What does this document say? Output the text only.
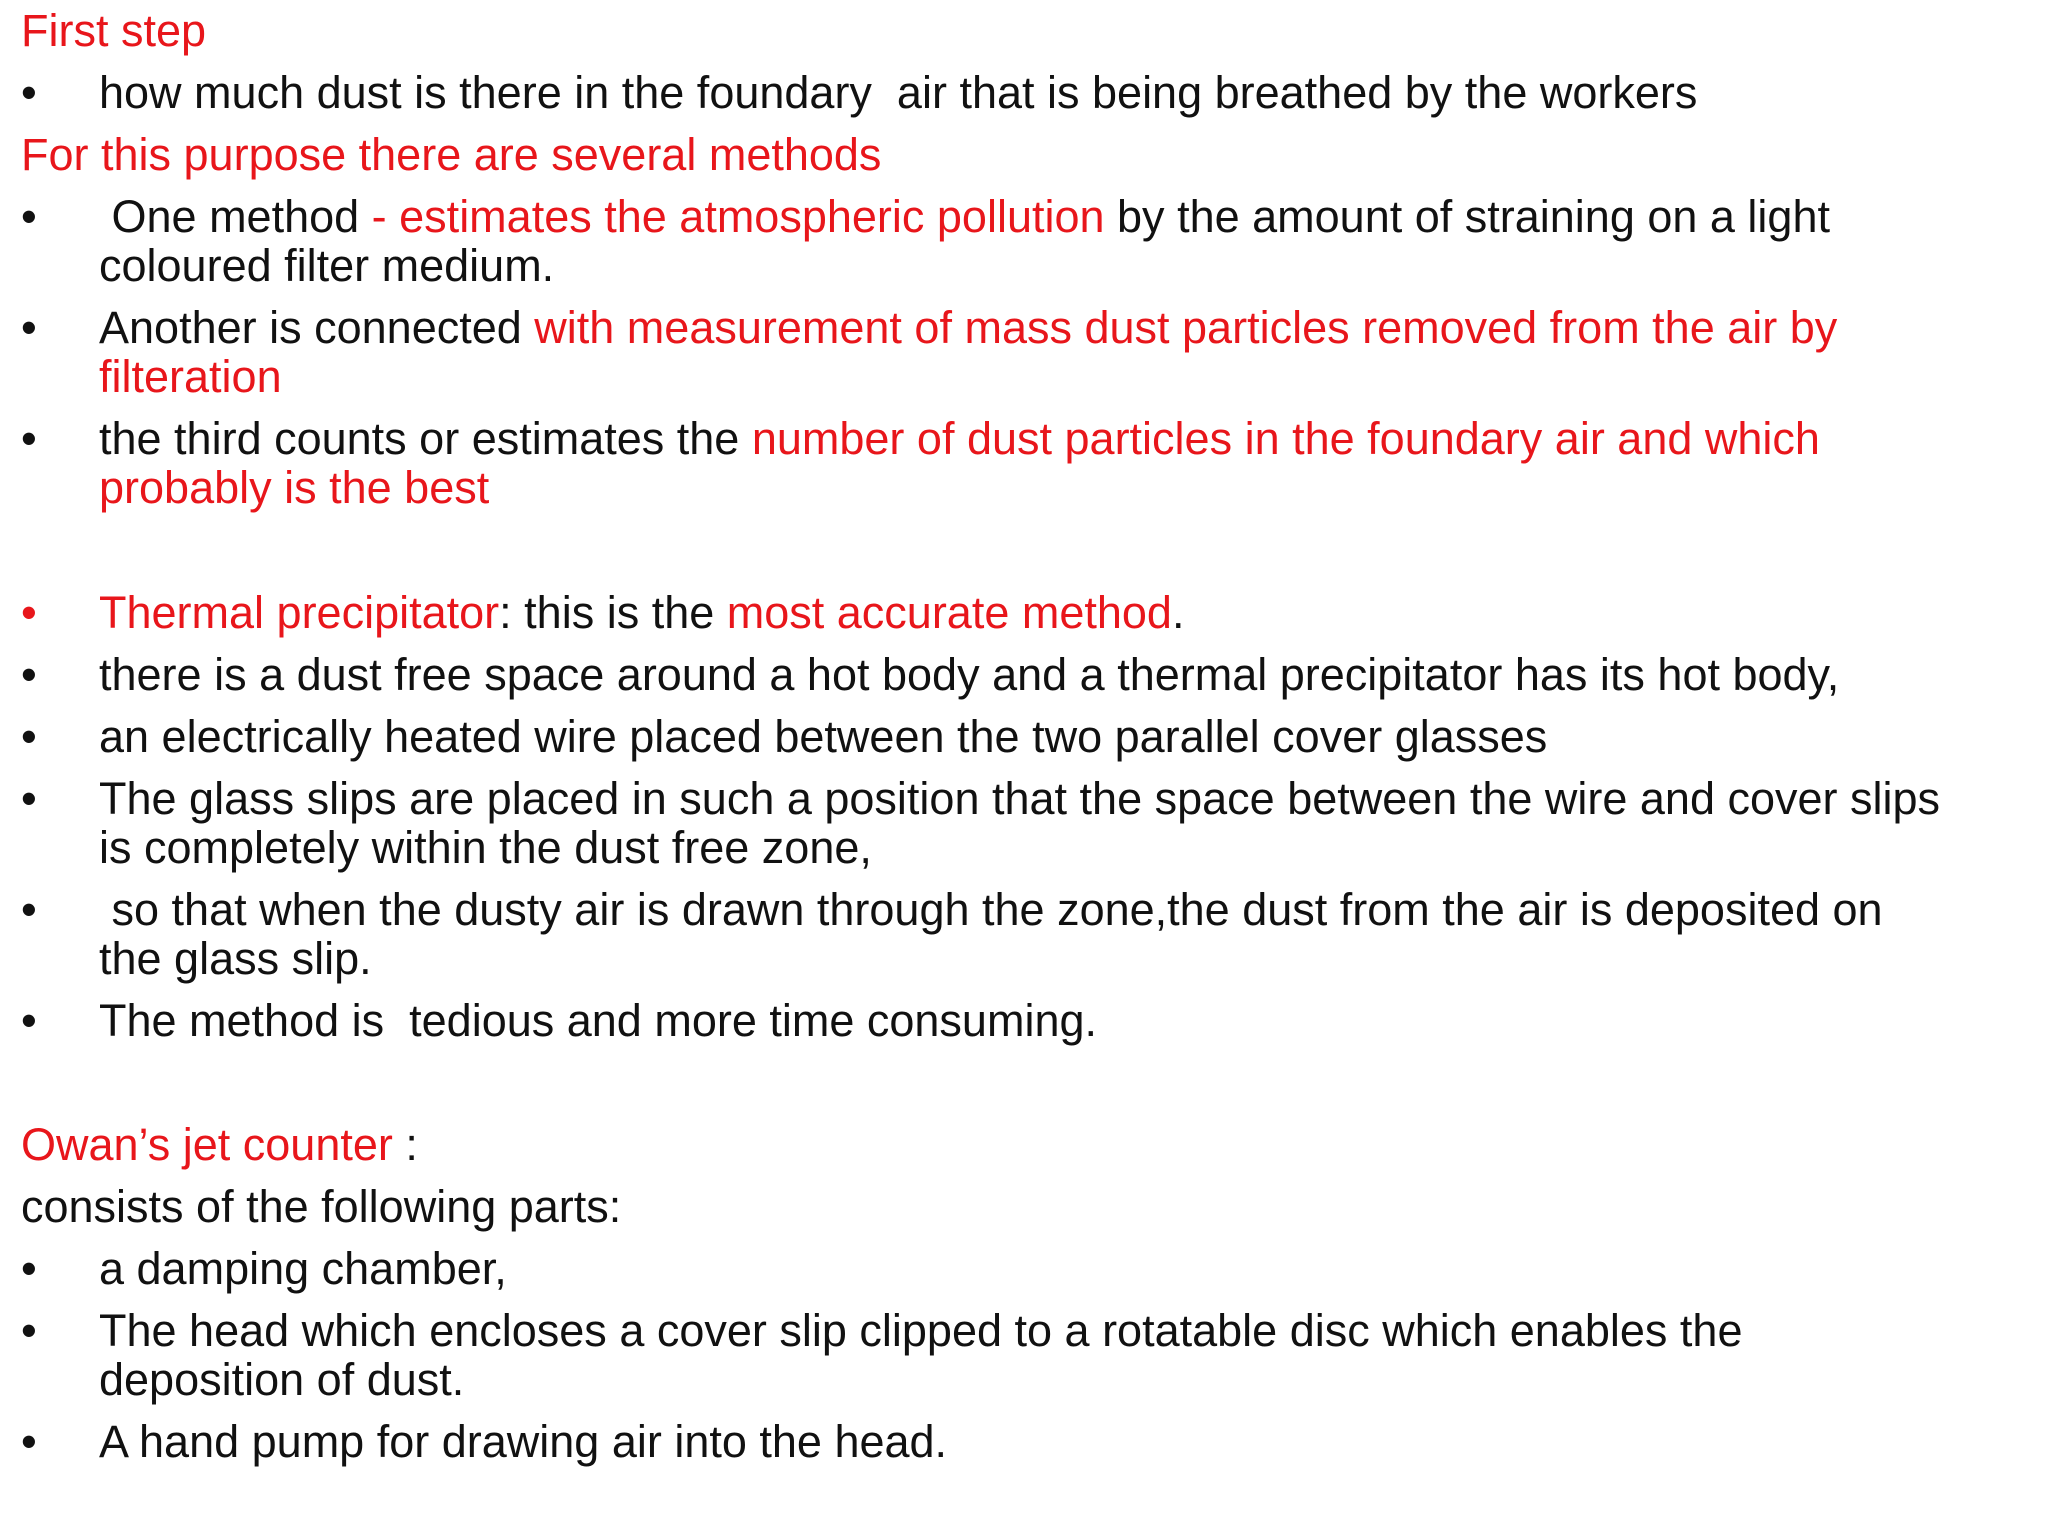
First step
•	how much dust is there in the foundary  air that is being breathed by the workers
For this purpose there are several methods
•	One method - estimates the atmospheric pollution by the amount of straining on a light
coloured filter medium.
•	Another is connected with measurement of mass dust particles removed from the air by
filteration
•	the third counts or estimates the number of dust particles in the foundary air and which
probably is the best
•	Thermal precipitator: this is the most accurate method.
•	there is a dust free space around a hot body and a thermal precipitator has its hot body,
•	an electrically heated wire placed between the two parallel cover glasses
•	The glass slips are placed in such a position that the space between the wire and cover slips
is completely within the dust free zone,
•	so that when the dusty air is drawn through the zone,the dust from the air is deposited on
the glass slip.
•	The method is  tedious and more time consuming.
Owan’s jet counter :
consists of the following parts:
•	a damping chamber,
•	The head which encloses a cover slip clipped to a rotatable disc which enables the
deposition of dust.
•	A hand pump for drawing air into the head.
